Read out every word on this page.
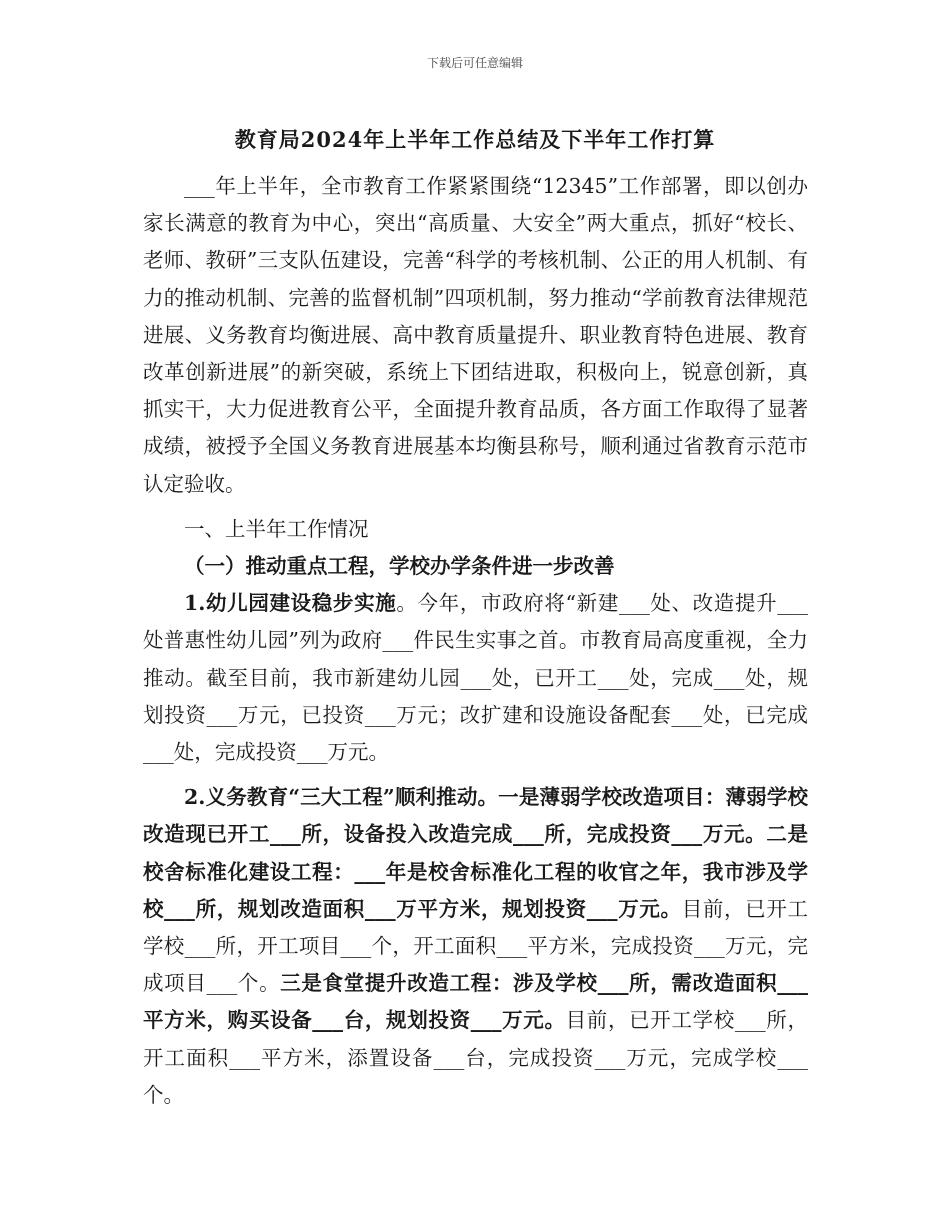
下载后可任意编辑
教育局2024年上半年工作总结及下半年工作打算

___年上半年，全市教育工作紧紧围绕“12345”工作部署，即以创办家长满意的教育为中心，突出“高质量、大安全”两大重点，抓好“校长、老师、教研”三支队伍建设，完善“科学的考核机制、公正的用人机制、有力的推动机制、完善的监督机制”四项机制，努力推动“学前教育法律规范进展、义务教育均衡进展、高中教育质量提升、职业教育特色进展、教育改革创新进展”的新突破，系统上下团结进取，积极向上，锐意创新，真抓实干，大力促进教育公平，全面提升教育品质，各方面工作取得了显著成绩，被授予全国义务教育进展基本均衡县称号，顺利通过省教育示范市认定验收。

一、上半年工作情况

（一）推动重点工程，学校办学条件进一步改善

1.幼儿园建设稳步实施。今年，市政府将“新建___处、改造提升___处普惠性幼儿园”列为政府___件民生实事之首。市教育局高度重视，全力推动。截至目前，我市新建幼儿园___处，已开工___处，完成___处，规划投资___万元，已投资___万元；改扩建和设施设备配套___处，已完成___处，完成投资___万元。

2.义务教育“三大工程”顺利推动。一是薄弱学校改造项目：薄弱学校改造现已开工___所，设备投入改造完成___所，完成投资___万元。二是校舍标准化建设工程：___年是校舍标准化工程的收官之年，我市涉及学校___所，规划改造面积___万平方米，规划投资___万元。目前，已开工学校___所，开工项目___个，开工面积___平方米，完成投资___万元，完成项目___个。三是食堂提升改造工程：涉及学校___所，需改造面积___平方米，购买设备___台，规划投资___万元。目前，已开工学校___所，开工面积___平方米，添置设备___台，完成投资___万元，完成学校___个。
